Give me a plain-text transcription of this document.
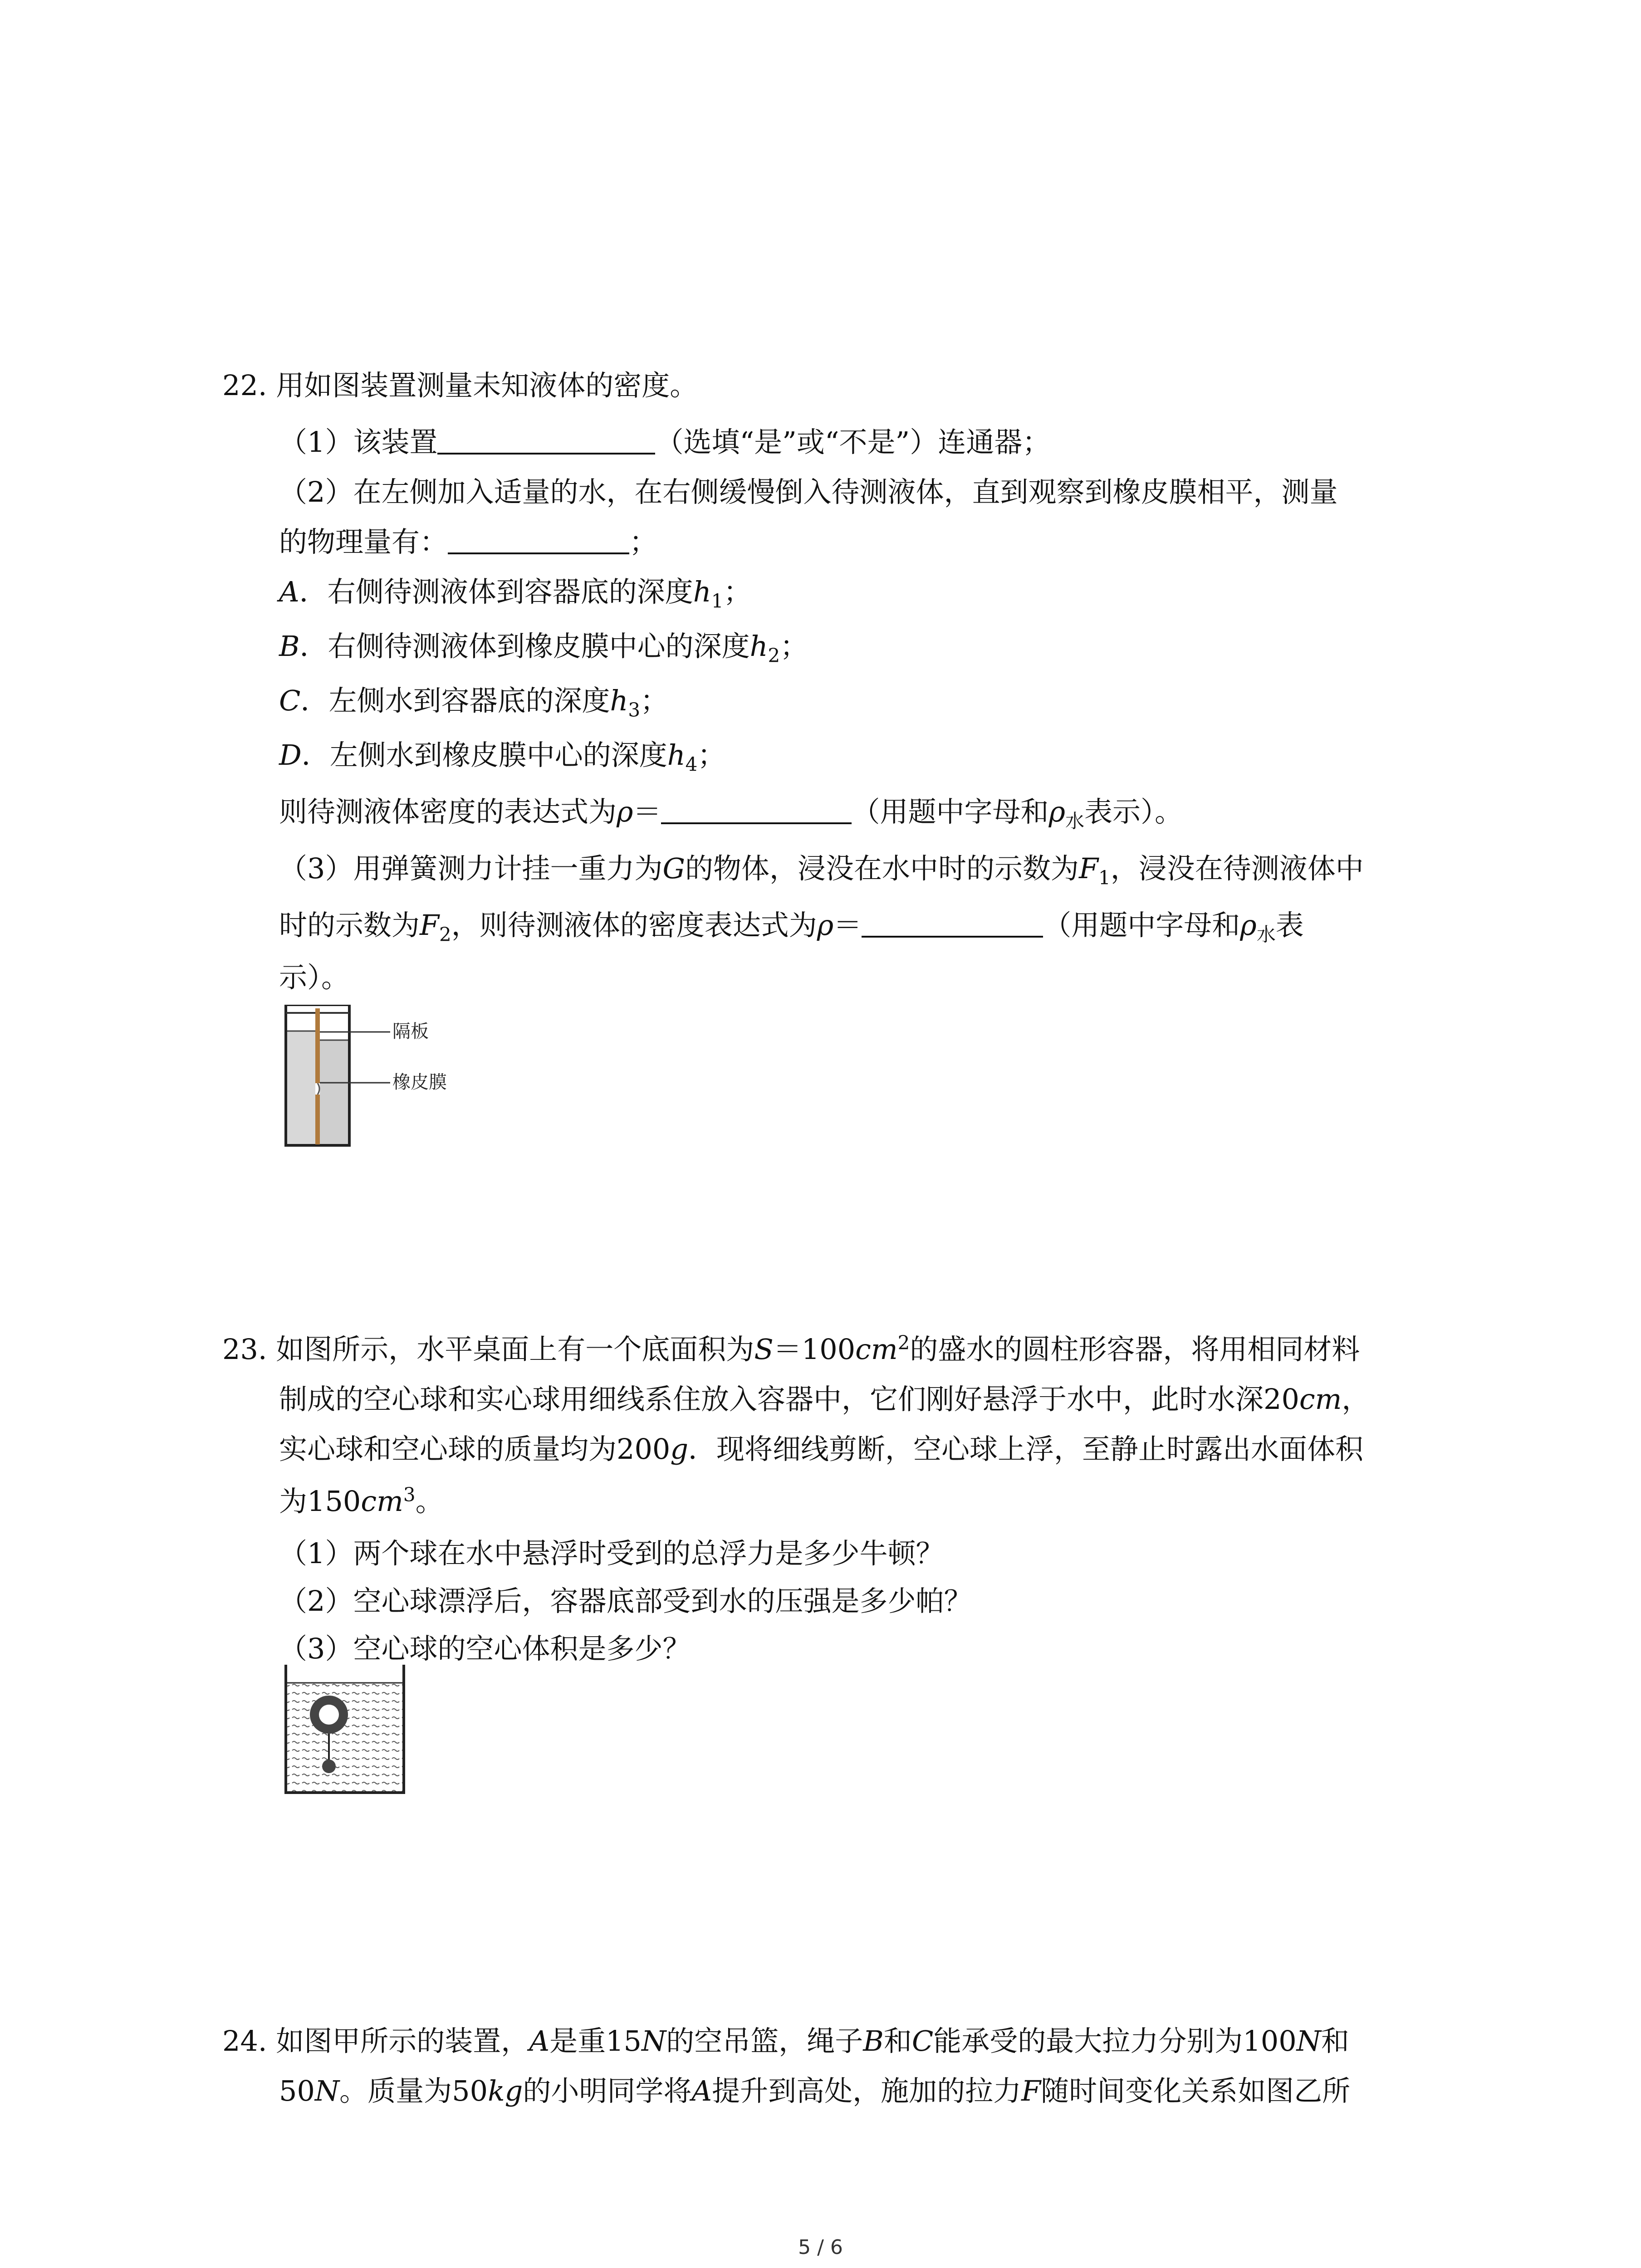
22. 用如图装置测量未知液体的密度。
（1）该装置	（选填“是”或“不是”）连通器；
（2）在左侧加入适量的水，在右侧缓慢倒入待测液体，直到观察到橡皮膜相平，测量
的物理量有：	；
A．右侧待测液体到容器底的深度$h_1$；
B．右侧待测液体到橡皮膜中心的深度$h_2$；
C．左侧水到容器底的深度$h_3$；
D．左侧水到橡皮膜中心的深度$h_4$；
则待测液体密度的表达式为ρ＝	（用题中字母和$\rho_水$表示）。
（3）用弹簧测力计挂一重力为G的物体，浸没在水中时的示数为$F_1$，浸没在待测液体中
时的示数为$F_2$，则待测液体的密度表达式为ρ＝	（用题中字母和$\rho_水$表
示）。
隔板
橡皮膜
23. 如图所示，水平桌面上有一个底面积为$S=100cm^2$的盛水的圆柱形容器，将用相同材料
制成的空心球和实心球用细线系住放入容器中，它们刚好悬浮于水中，此时水深20cm，
实心球和空心球的质量均为200g．现将细线剪断，空心球上浮，至静止时露出水面体积
为$150cm^3$。
（1）两个球在水中悬浮时受到的总浮力是多少牛顿？
（2）空心球漂浮后，容器底部受到水的压强是多少帕？
（3）空心球的空心体积是多少？
24. 如图甲所示的装置，A是重15N的空吊篮，绳子B和C能承受的最大拉力分别为100N和
50N。质量为50kg的小明同学将A提升到高处，施加的拉力F随时间变化关系如图乙所
5 / 6
